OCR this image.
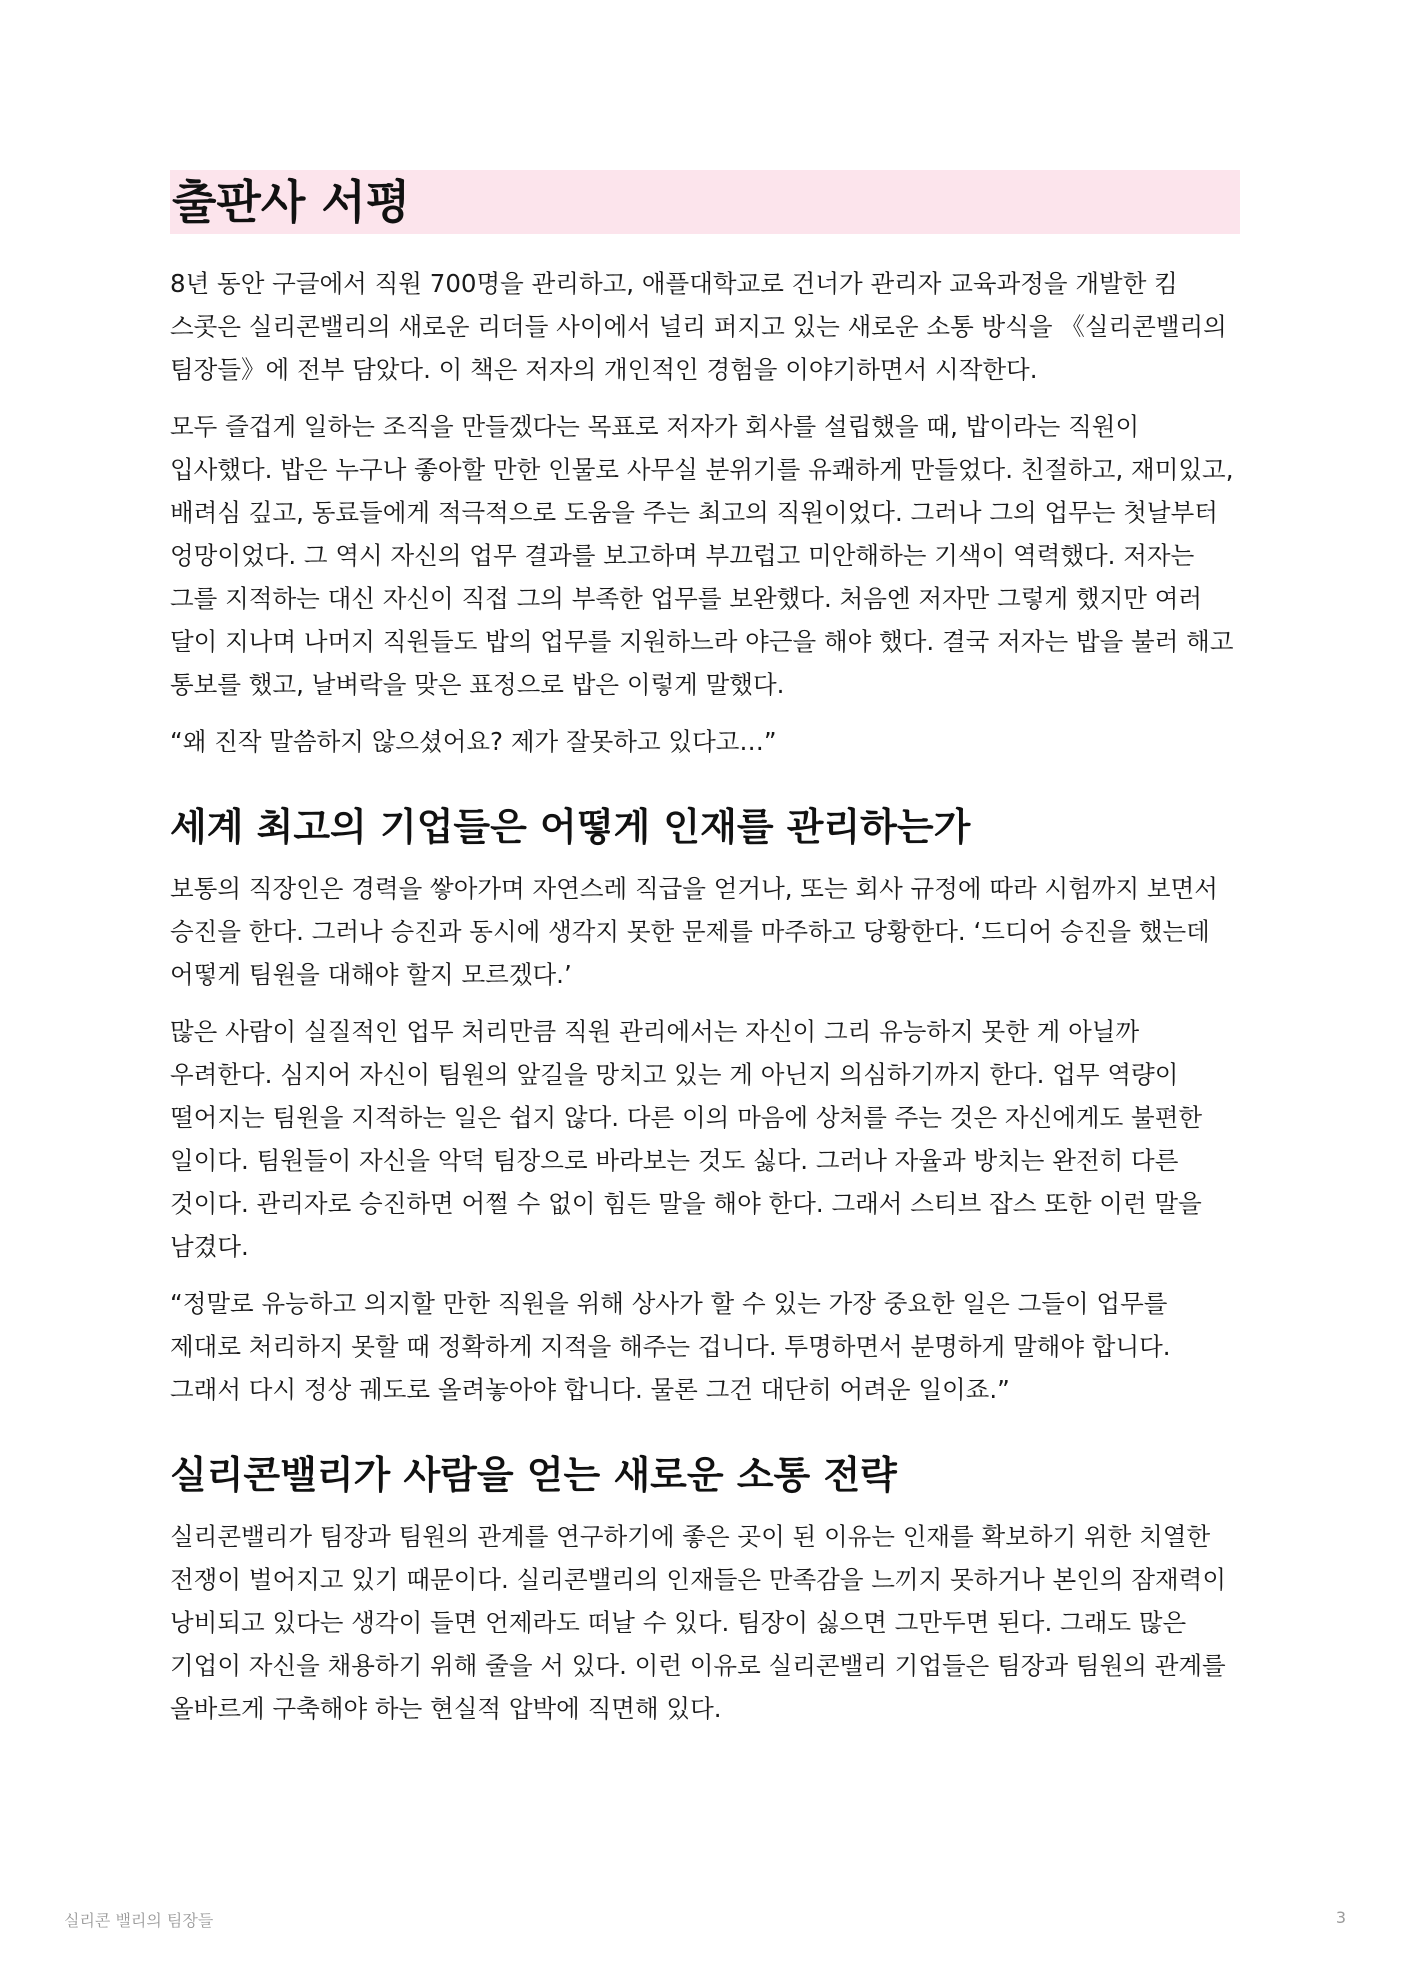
출판사 서평

8년 동안 구글에서 직원 700명을 관리하고, 애플대학교로 건너가 관리자 교육과정을 개발한 킴 스콧은 실리콘밸리의 새로운 리더들 사이에서 널리 퍼지고 있는 새로운 소통 방식을 《실리콘밸리의 팀장들》에 전부 담았다. 이 책은 저자의 개인적인 경험을 이야기하면서 시작한다.

모두 즐겁게 일하는 조직을 만들겠다는 목표로 저자가 회사를 설립했을 때, 밥이라는 직원이 입사했다. 밥은 누구나 좋아할 만한 인물로 사무실 분위기를 유쾌하게 만들었다. 친절하고, 재미있고, 배려심 깊고, 동료들에게 적극적으로 도움을 주는 최고의 직원이었다. 그러나 그의 업무는 첫날부터 엉망이었다. 그 역시 자신의 업무 결과를 보고하며 부끄럽고 미안해하는 기색이 역력했다. 저자는 그를 지적하는 대신 자신이 직접 그의 부족한 업무를 보완했다. 처음엔 저자만 그렇게 했지만 여러 달이 지나며 나머지 직원들도 밥의 업무를 지원하느라 야근을 해야 했다. 결국 저자는 밥을 불러 해고 통보를 했고, 날벼락을 맞은 표정으로 밥은 이렇게 말했다.

“왜 진작 말씀하지 않으셨어요? 제가 잘못하고 있다고…”

세계 최고의 기업들은 어떻게 인재를 관리하는가

보통의 직장인은 경력을 쌓아가며 자연스레 직급을 얻거나, 또는 회사 규정에 따라 시험까지 보면서 승진을 한다. 그러나 승진과 동시에 생각지 못한 문제를 마주하고 당황한다. ‘드디어 승진을 했는데 어떻게 팀원을 대해야 할지 모르겠다.’

많은 사람이 실질적인 업무 처리만큼 직원 관리에서는 자신이 그리 유능하지 못한 게 아닐까 우려한다. 심지어 자신이 팀원의 앞길을 망치고 있는 게 아닌지 의심하기까지 한다. 업무 역량이 떨어지는 팀원을 지적하는 일은 쉽지 않다. 다른 이의 마음에 상처를 주는 것은 자신에게도 불편한 일이다. 팀원들이 자신을 악덕 팀장으로 바라보는 것도 싫다. 그러나 자율과 방치는 완전히 다른 것이다. 관리자로 승진하면 어쩔 수 없이 힘든 말을 해야 한다. 그래서 스티브 잡스 또한 이런 말을 남겼다.

“정말로 유능하고 의지할 만한 직원을 위해 상사가 할 수 있는 가장 중요한 일은 그들이 업무를 제대로 처리하지 못할 때 정확하게 지적을 해주는 겁니다. 투명하면서 분명하게 말해야 합니다. 그래서 다시 정상 궤도로 올려놓아야 합니다. 물론 그건 대단히 어려운 일이죠.”

실리콘밸리가 사람을 얻는 새로운 소통 전략

실리콘밸리가 팀장과 팀원의 관계를 연구하기에 좋은 곳이 된 이유는 인재를 확보하기 위한 치열한 전쟁이 벌어지고 있기 때문이다. 실리콘밸리의 인재들은 만족감을 느끼지 못하거나 본인의 잠재력이 낭비되고 있다는 생각이 들면 언제라도 떠날 수 있다. 팀장이 싫으면 그만두면 된다. 그래도 많은 기업이 자신을 채용하기 위해 줄을 서 있다. 이런 이유로 실리콘밸리 기업들은 팀장과 팀원의 관계를 올바르게 구축해야 하는 현실적 압박에 직면해 있다.

실리콘 밸리의 팀장들	3
